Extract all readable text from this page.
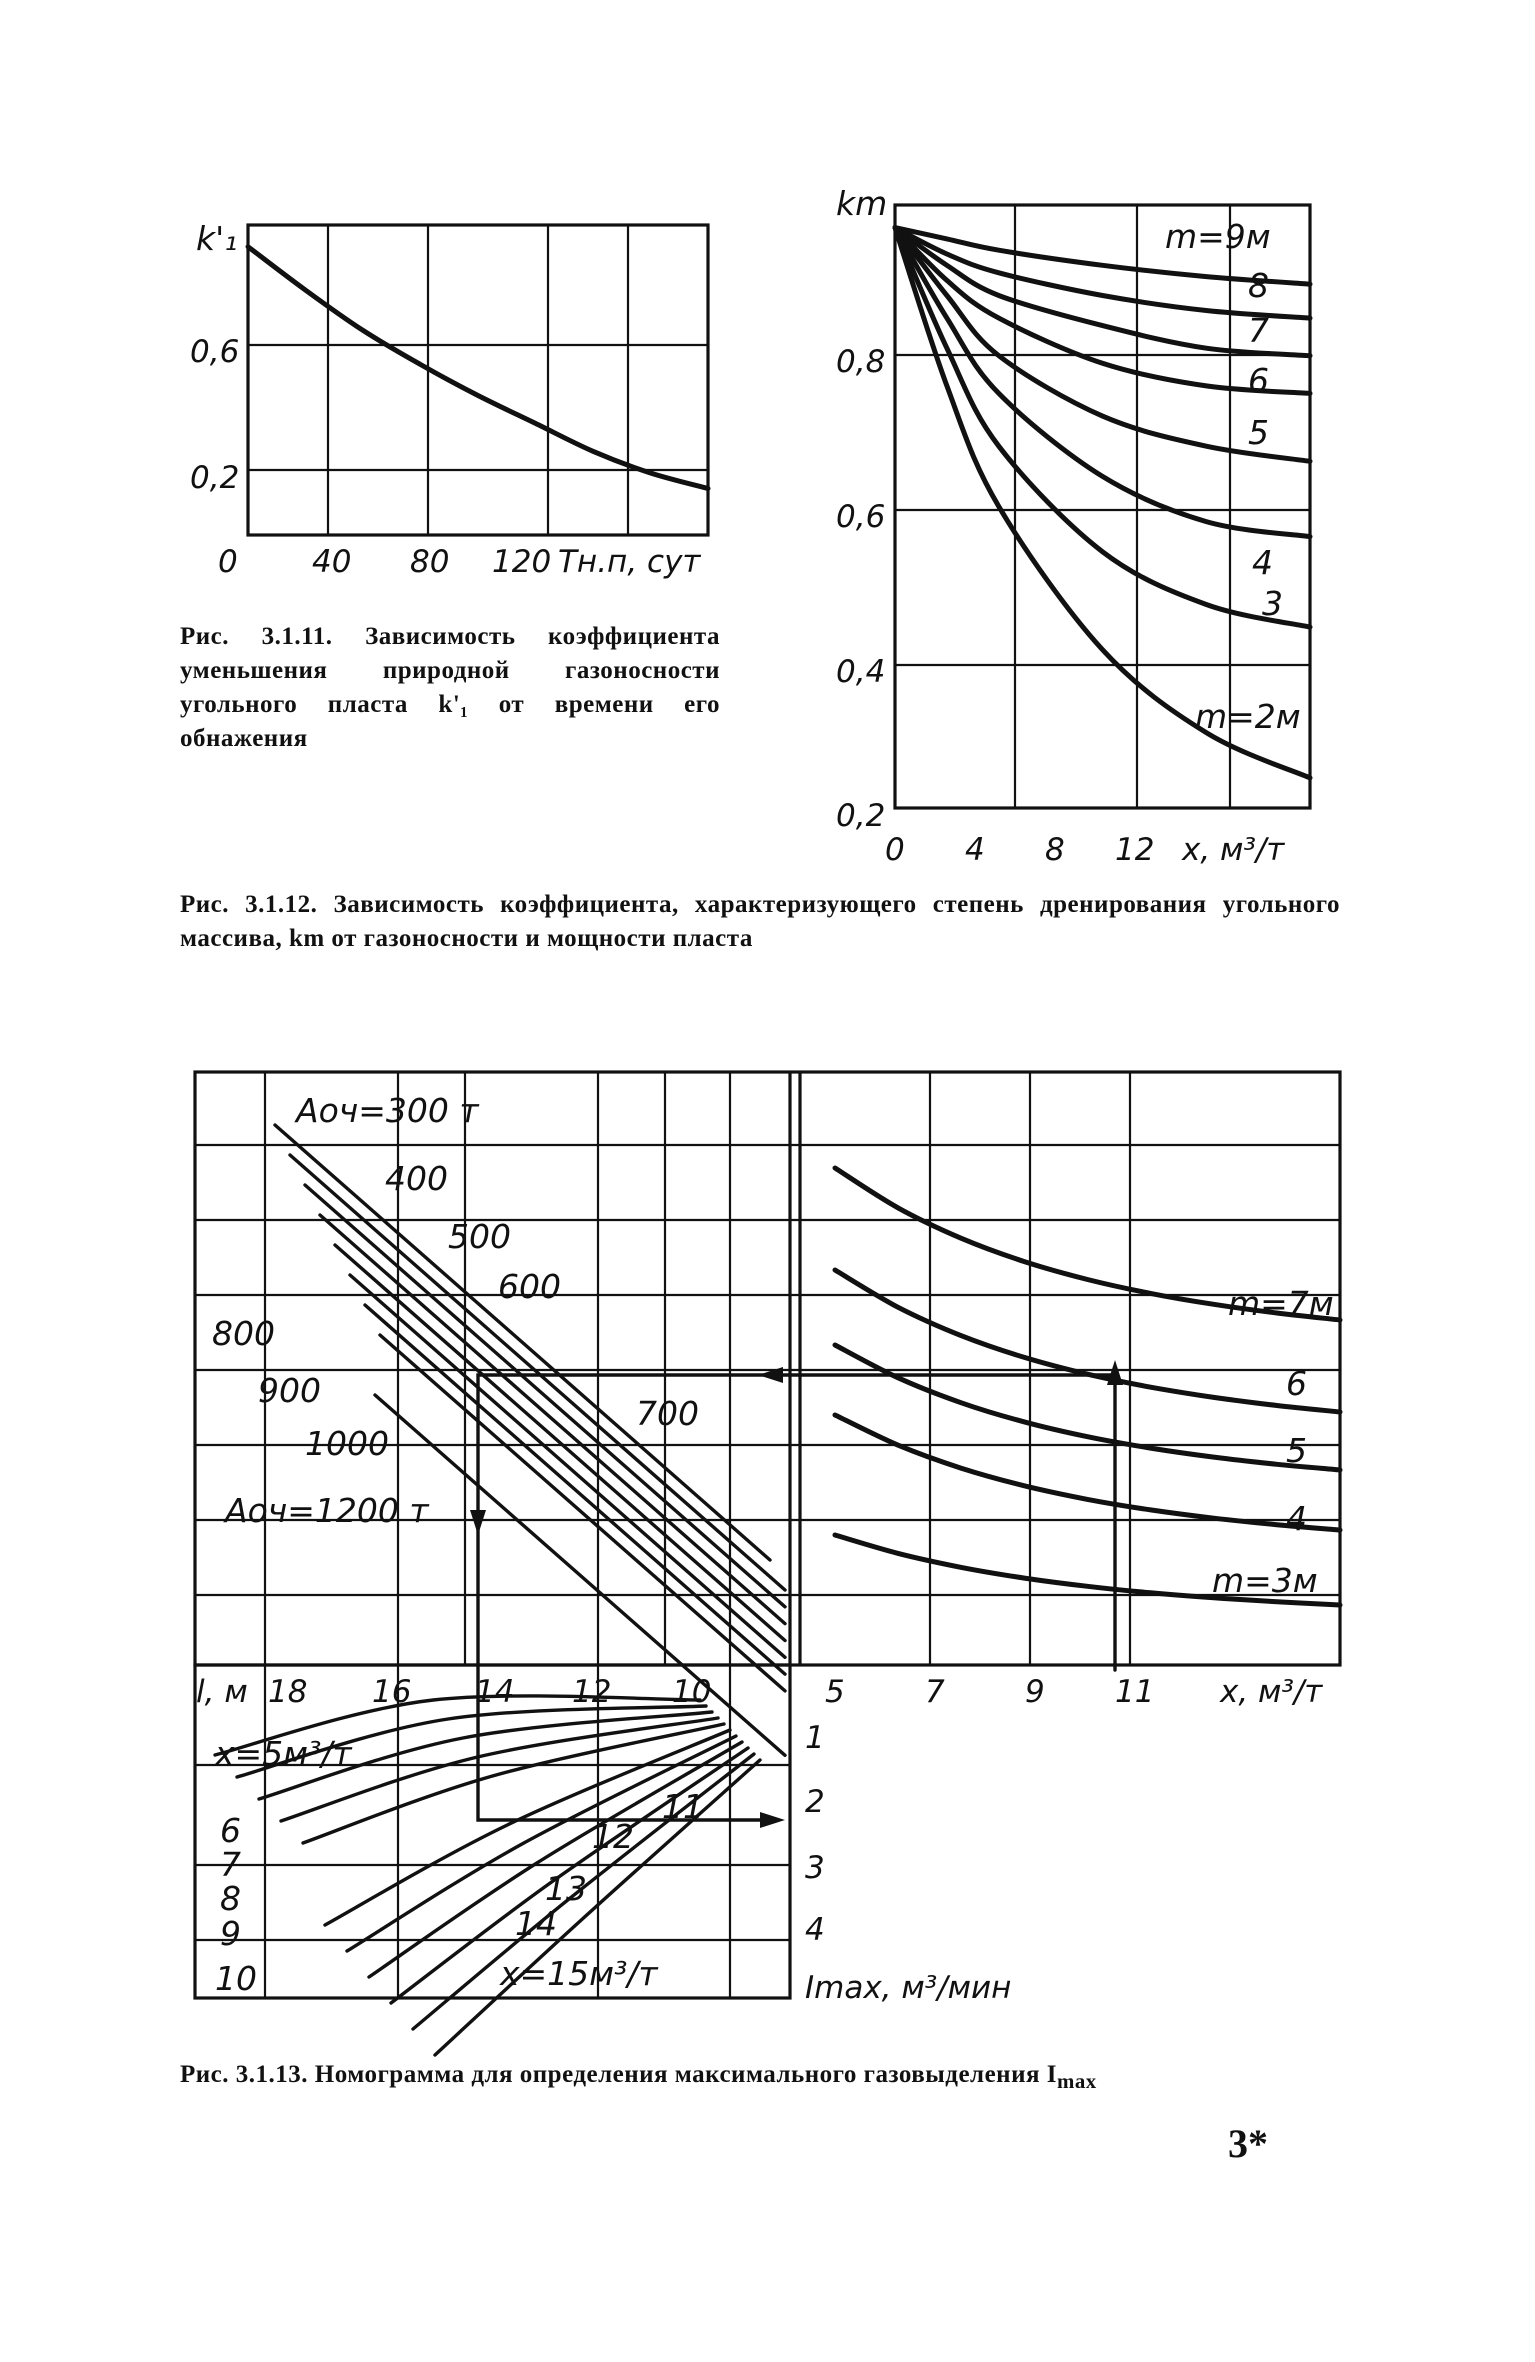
k'₁
0,6
0,2
0 40 80 120 Tн.п, сут
km
0,8
0,6
0,4
0,2
0 4 8 12 x, м³/т
m=9м
8
7
6
5
4
3
m=2м
m=7м
6
5
4
m=3м
5	7	9 11 x, м³/т
Aоч=300 т
400
500
600
700
800
900
1000
Aоч=1200 т
l, м 18 16 14 12 10
x=5м³/т
6
7
8
9
10
11
12
13
14
x=15м³/т
1
2
3
4
Imax, м³/мин

Рис. 3.1.11. Зависимость коэффициента уменьшения природной газоносности угольного пласта k'₁ от времени его обнажения

Рис. 3.1.12. Зависимость коэффициента, характеризующего степень дренирования угольного массива, km от газоносности и мощности пласта

Рис. 3.1.13. Номограмма для определения максимального газовыделения $I_{max}$

3*
